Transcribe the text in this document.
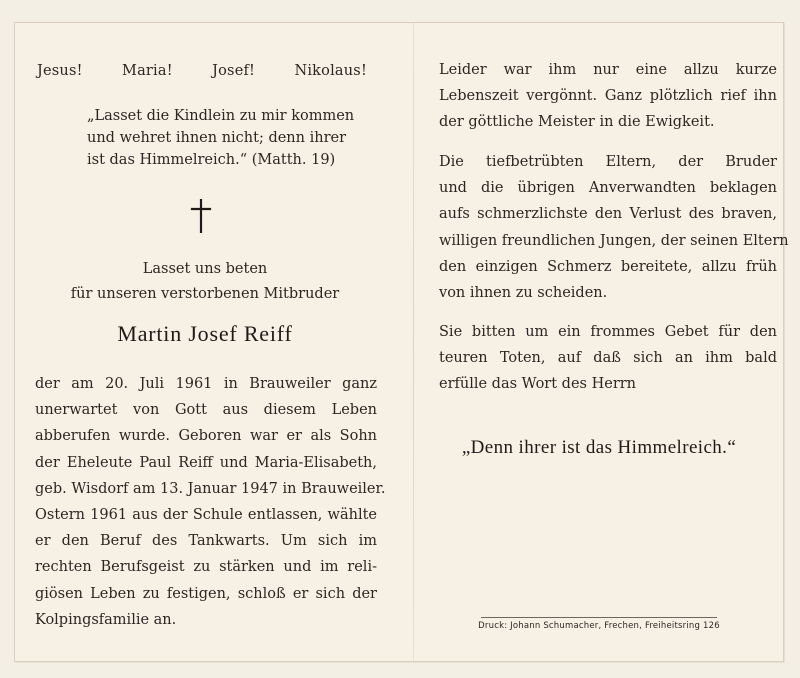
Jesus!	Maria!	Josef!	Nikolaus!
„Lasset die Kindlein zu mir kommen
und wehret ihnen nicht; denn ihrer
ist das Himmelreich.“ (Matth. 19)
Lasset uns beten
für unseren verstorbenen Mitbruder
Martin Josef Reiff
der am 20. Juli 1961 in Brauweiler ganz
unerwartet von Gott aus diesem Leben
abberufen wurde. Geboren war er als Sohn
der Eheleute Paul Reiff und Maria-Elisabeth,
geb. Wisdorf am 13. Januar 1947 in Brauweiler.
Ostern 1961 aus der Schule entlassen, wählte
er den Beruf des Tankwarts. Um sich im
rechten Berufsgeist zu stärken und im reli-
giösen Leben zu festigen, schloß er sich der
Kolpingsfamilie an.
Leider war ihm nur eine allzu kurze
Lebenszeit vergönnt. Ganz plötzlich rief ihn
der göttliche Meister in die Ewigkeit.
Die tiefbetrübten Eltern, der Bruder
und die übrigen Anverwandten beklagen
aufs schmerzlichste den Verlust des braven,
willigen freundlichen Jungen, der seinen Eltern
den einzigen Schmerz bereitete, allzu früh
von ihnen zu scheiden.
Sie bitten um ein frommes Gebet für den
teuren Toten, auf daß sich an ihm bald
erfülle das Wort des Herrn
„Denn ihrer ist das Himmelreich.“
Druck: Johann Schumacher, Frechen, Freiheitsring 126
